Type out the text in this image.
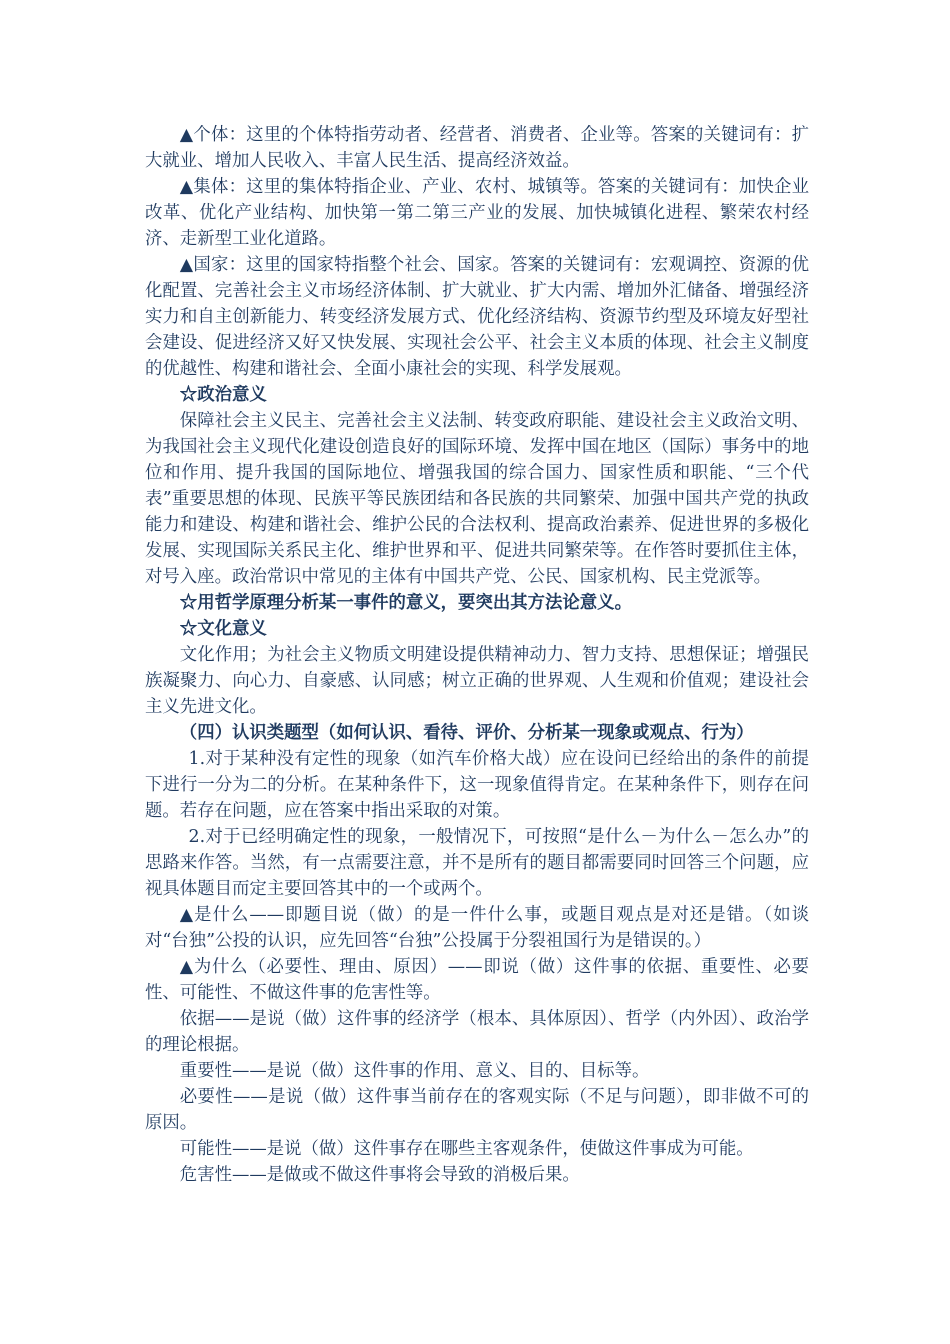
▲个体：这里的个体特指劳动者、经营者、消费者、企业等。答案的关键词有：扩大就业、增加人民收入、丰富人民生活、提高经济效益。

▲集体：这里的集体特指企业、产业、农村、城镇等。答案的关键词有：加快企业改革、优化产业结构、加快第一第二第三产业的发展、加快城镇化进程、繁荣农村经济、走新型工业化道路。

▲国家：这里的国家特指整个社会、国家。答案的关键词有：宏观调控、资源的优化配置、完善社会主义市场经济体制、扩大就业、扩大内需、增加外汇储备、增强经济实力和自主创新能力、转变经济发展方式、优化经济结构、资源节约型及环境友好型社会建设、促进经济又好又快发展、实现社会公平、社会主义本质的体现、社会主义制度的优越性、构建和谐社会、全面小康社会的实现、科学发展观。

☆政治意义

保障社会主义民主、完善社会主义法制、转变政府职能、建设社会主义政治文明、为我国社会主义现代化建设创造良好的国际环境、发挥中国在地区（国际）事务中的地位和作用、提升我国的国际地位、增强我国的综合国力、国家性质和职能、“三个代表”重要思想的体现、民族平等民族团结和各民族的共同繁荣、加强中国共产党的执政能力和建设、构建和谐社会、维护公民的合法权利、提高政治素养、促进世界的多极化发展、实现国际关系民主化、维护世界和平、促进共同繁荣等。在作答时要抓住主体，对号入座。政治常识中常见的主体有中国共产党、公民、国家机构、民主党派等。

☆用哲学原理分析某一事件的意义，要突出其方法论意义。

☆文化意义

文化作用；为社会主义物质文明建设提供精神动力、智力支持、思想保证；增强民族凝聚力、向心力、自豪感、认同感；树立正确的世界观、人生观和价值观；建设社会主义先进文化。

（四）认识类题型（如何认识、看待、评价、分析某一现象或观点、行为）

1.对于某种没有定性的现象（如汽车价格大战）应在设问已经给出的条件的前提下进行一分为二的分析。在某种条件下，这一现象值得肯定。在某种条件下，则存在问题。若存在问题，应在答案中指出采取的对策。

2.对于已经明确定性的现象，一般情况下，可按照“是什么－为什么－怎么办”的思路来作答。当然，有一点需要注意，并不是所有的题目都需要同时回答三个问题，应视具体题目而定主要回答其中的一个或两个。

▲是什么——即题目说（做）的是一件什么事，或题目观点是对还是错。（如谈对“台独”公投的认识，应先回答“台独”公投属于分裂祖国行为是错误的。）

▲为什么（必要性、理由、原因）——即说（做）这件事的依据、重要性、必要性、可能性、不做这件事的危害性等。

依据——是说（做）这件事的经济学（根本、具体原因）、哲学（内外因）、政治学的理论根据。

重要性——是说（做）这件事的作用、意义、目的、目标等。

必要性——是说（做）这件事当前存在的客观实际（不足与问题），即非做不可的原因。

可能性——是说（做）这件事存在哪些主客观条件，使做这件事成为可能。

危害性——是做或不做这件事将会导致的消极后果。
